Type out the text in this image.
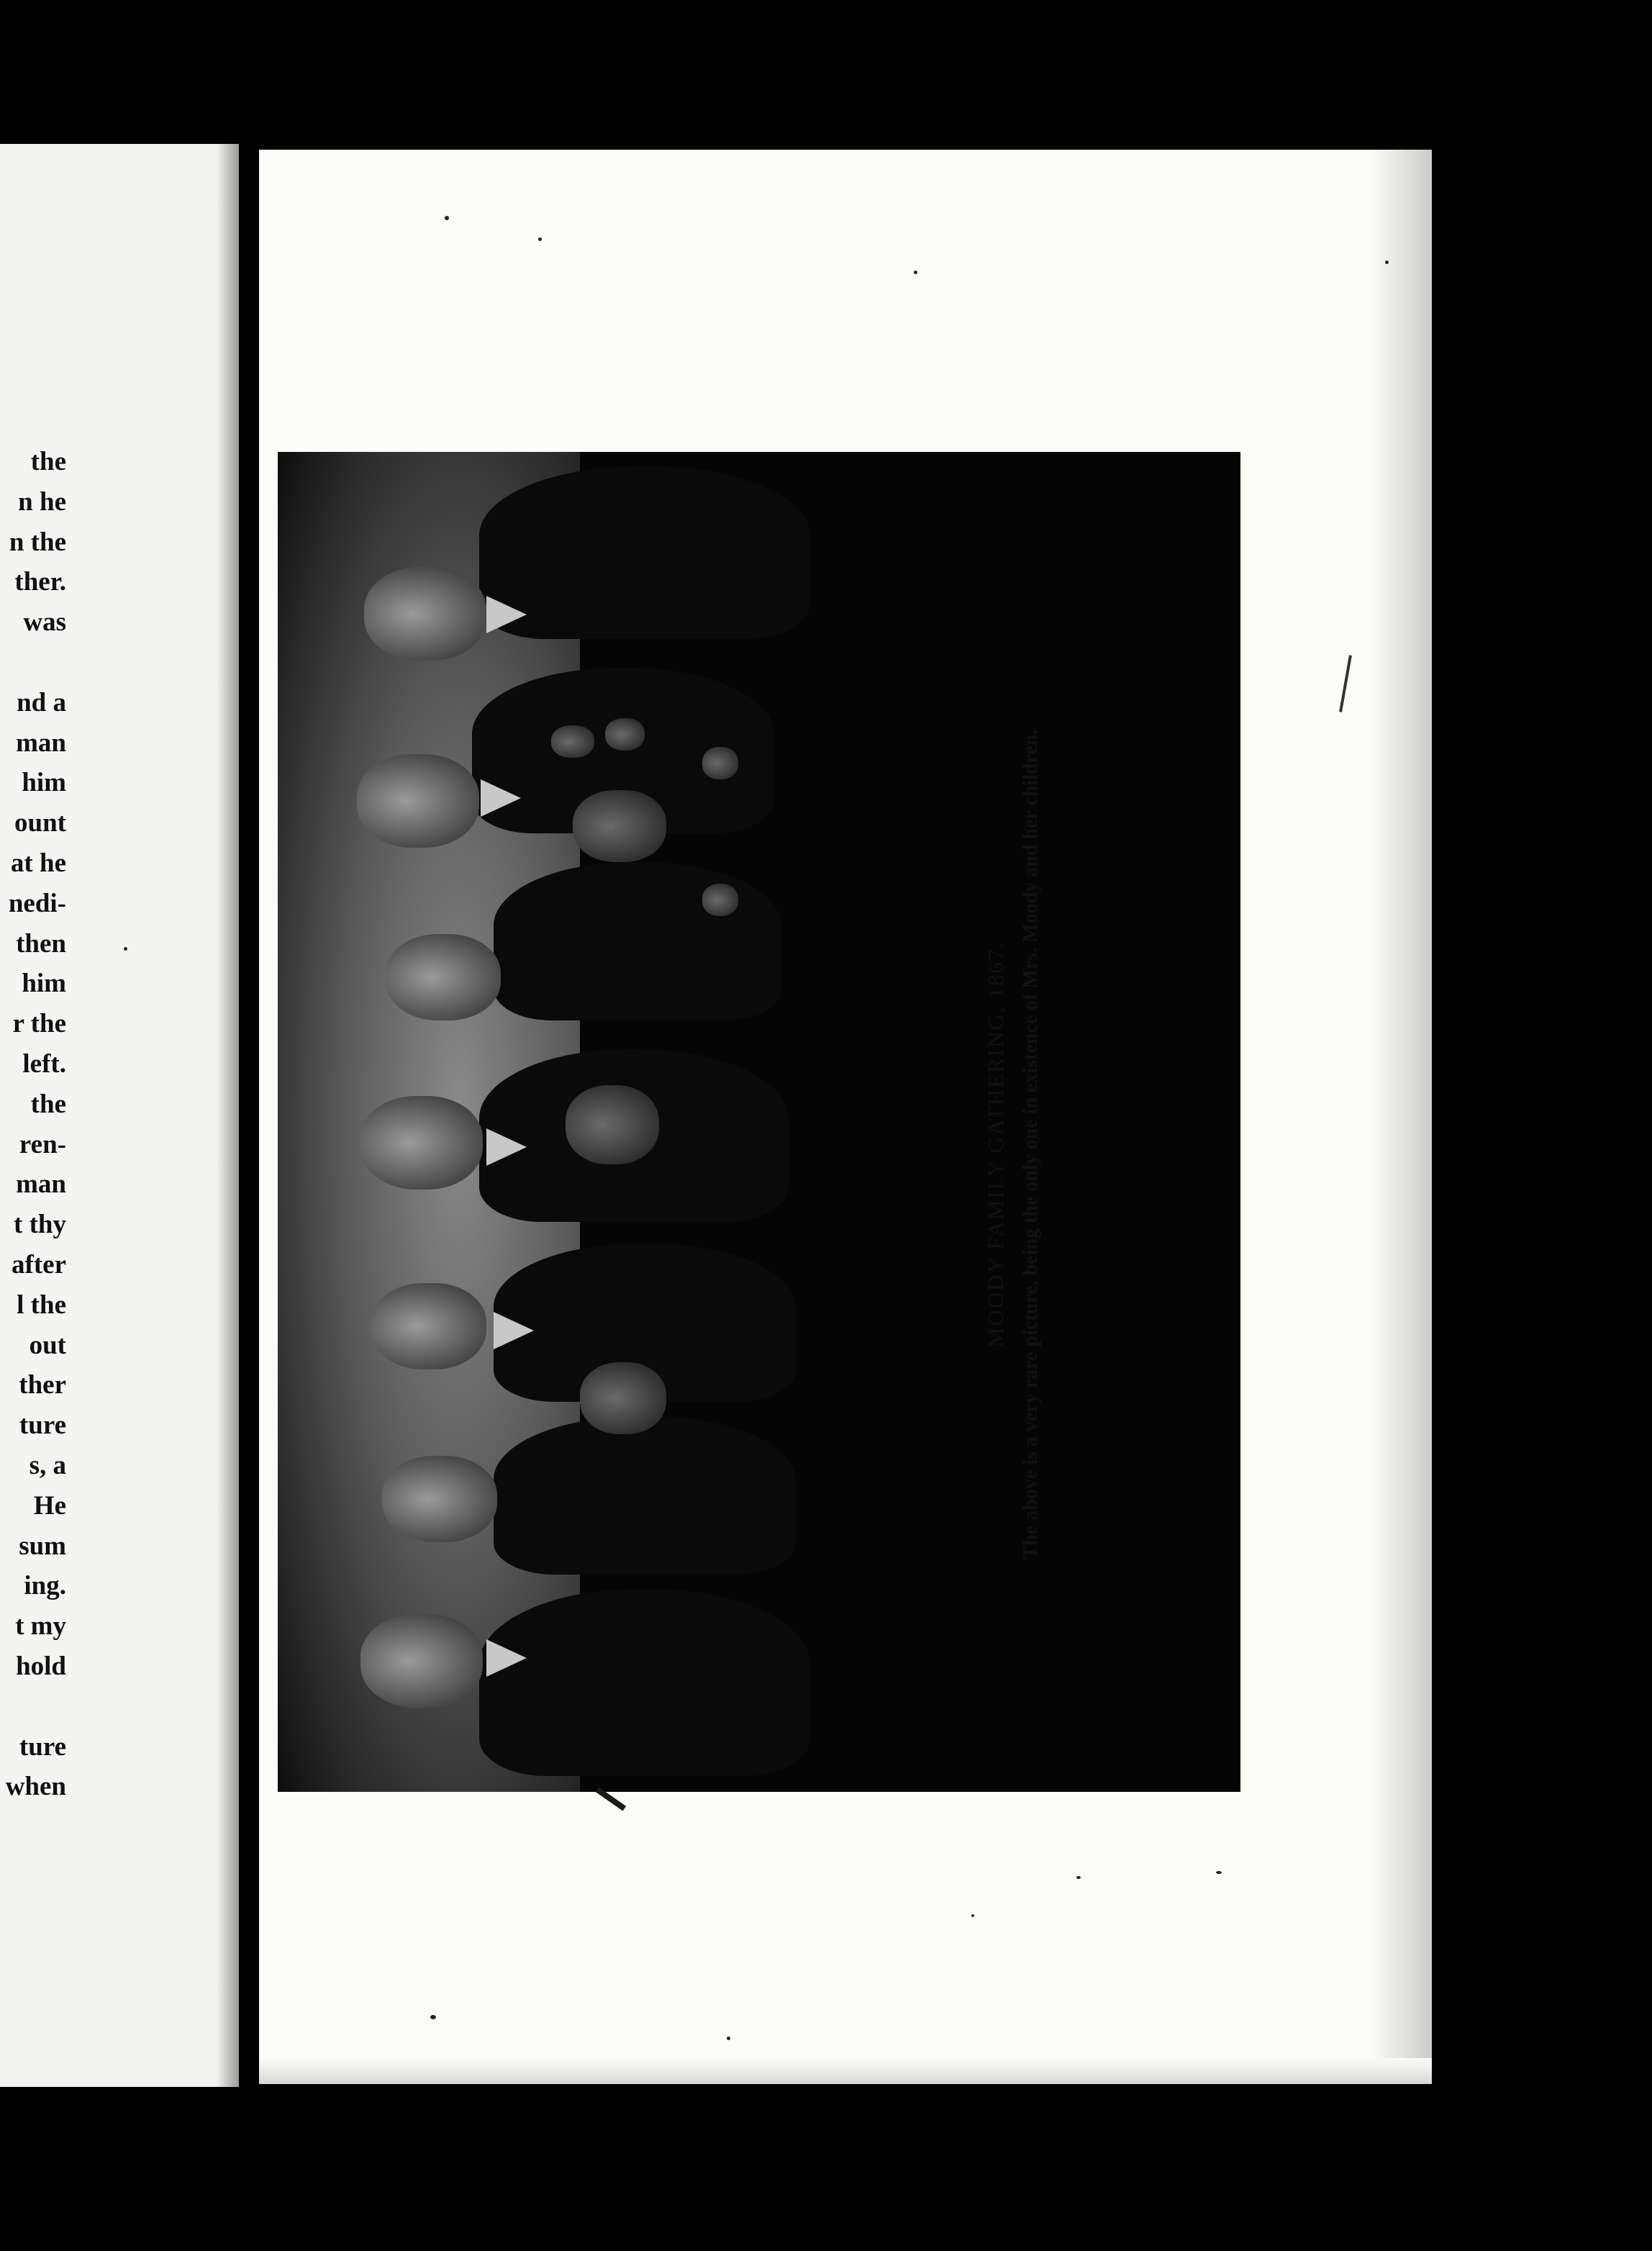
the
n he
n the
ther.
was
nd a
man
him
ount
at he
nedi-
then
him
r the
left.
the
ren-
man
t thy
after
l the
out
ther
ture
s, a
He
sum
ing.
t my
hold
ture
when
MOODY FAMILY GATHERING, 1867. The above is a very rare picture, being the only one in existence of Mrs. Moody and her children.
